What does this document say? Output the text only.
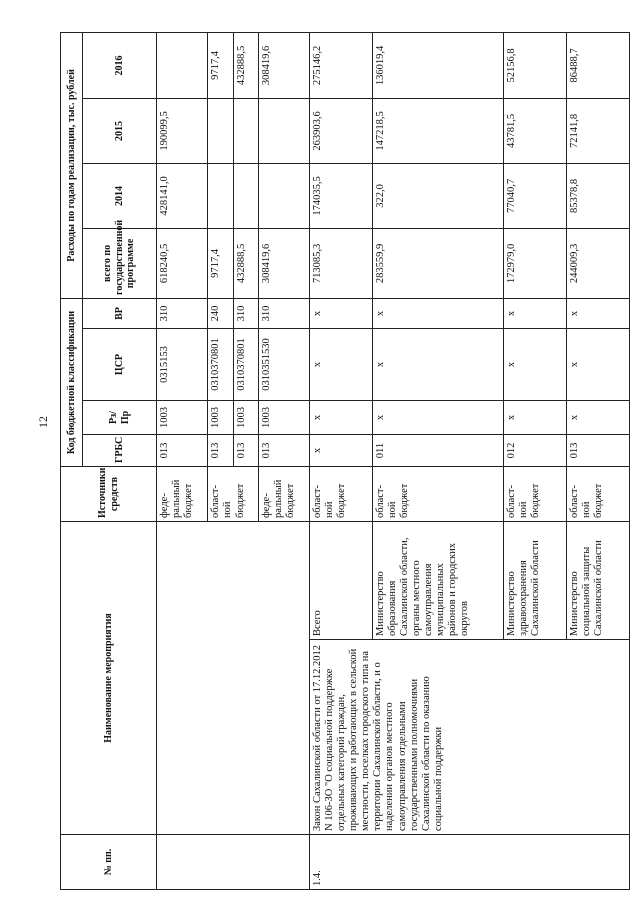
12
№ пп.	Наименование мероприятия		Источники средств	Код бюджетной классификации				Расходы по годам реализации, тыс. рублей			
				ГРБС	Рз/ Пр	ЦСР	ВР	всего по государственной программе	2014	2015	2016
			феде-ральный бюджет	013	1003	0315153	310	618240,5	428141,0	190099,5	
			област-ной бюджет	013	1003	0310370801	240	9717,4			9717,4
				013	1003	0310370801	310	432888,5			432888,5
			феде-ральный бюджет	013	1003	0310351530	310	308419,6			308419,6
1.4.	Закон Сахалинской области от 17.12.2012 N 106-ЗО "О социальной поддержке отдельных категорий граждан, проживающих и работающих в сельской местности, поселках городского типа на территории Сахалинской области, и о наделении органов местного самоуправления отдельными государственными полномочиями Сахалинской области по оказанию социальной поддержки	Всего	област-ной бюджет	х	х	х	х	713085,3	174035,5	263903,6	275146,2
		Министерство образования Сахалинской области, органы местного самоуправления муниципальных районов и городских округов	област-ной бюджет	011	х	х	х	283559,9	322,0	147218,5	136019,4
		Министерство здравоохранения Сахалинской области	област-ной бюджет	012	х	х	х	172979,0	77040,7	43781,5	52156,8
		Министерство социальной защиты Сахалинской области	област-ной бюджет	013	х	х	х	244009,3	85378,8	72141,8	86488,7
